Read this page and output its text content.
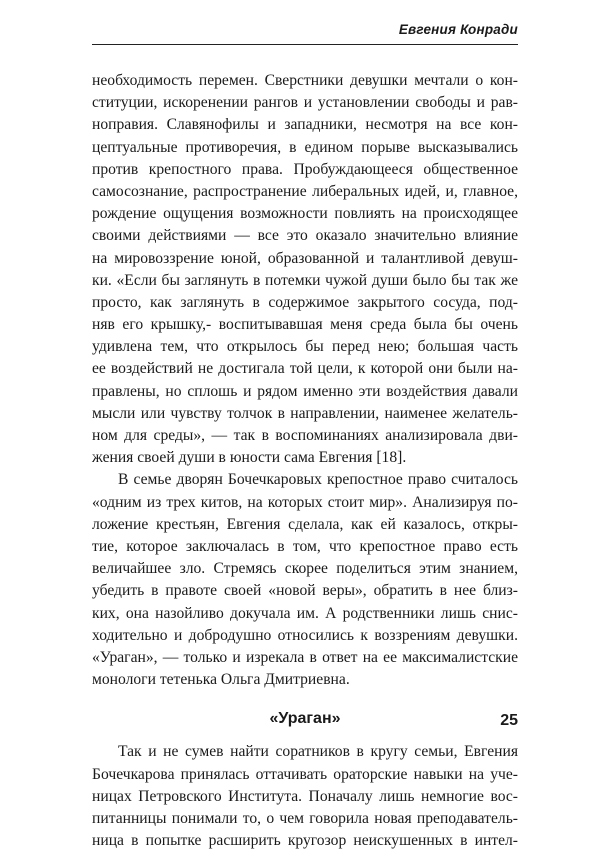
Евгения Конради
необходимость перемен. Сверстники девушки мечтали о кон-
ституции, искоренении рангов и установлении свободы и рав-
ноправия. Славянофилы и западники, несмотря на все кон-
цептуальные противоречия, в едином порыве высказывались
против крепостного права. Пробуждающееся общественное
самосознание, распространение либеральных идей, и, главное,
рождение ощущения возможности повлиять на происходящее
своими действиями — все это оказало значительно влияние
на мировоззрение юной, образованной и талантливой девуш-
ки. «Если бы заглянуть в потемки чужой души было бы так же
просто, как заглянуть в содержимое закрытого сосуда, под-
няв его крышку,- воспитывавшая меня среда была бы очень
удивлена тем, что открылось бы перед нею; большая часть
ее воздействий не достигала той цели, к которой они были на-
правлены, но сплошь и рядом именно эти воздействия давали
мысли или чувству толчок в направлении, наименее желатель-
ном для среды», — так в воспоминаниях анализировала дви-
жения своей души в юности сама Евгения [18].
В семье дворян Бочечкаровых крепостное право считалось
«одним из трех китов, на которых стоит мир». Анализируя по-
ложение крестьян, Евгения сделала, как ей казалось, откры-
тие, которое заключалась в том, что крепостное право есть
величайшее зло. Стремясь скорее поделиться этим знанием,
убедить в правоте своей «новой веры», обратить в нее близ-
ких, она назойливо докучала им. А родственники лишь снис-
ходительно и добродушно относились к воззрениям девушки.
«Ураган», — только и изрекала в ответ на ее максималистские
монологи тетенька Ольга Дмитриевна.
«Ураган»
Так и не сумев найти соратников в кругу семьи, Евгения
Бочечкарова принялась оттачивать ораторские навыки на уче-
ницах Петровского Института. Поначалу лишь немногие вос-
питанницы понимали то, о чем говорила новая преподаватель-
ница в попытке расширить кругозор неискушенных в интел-
25
